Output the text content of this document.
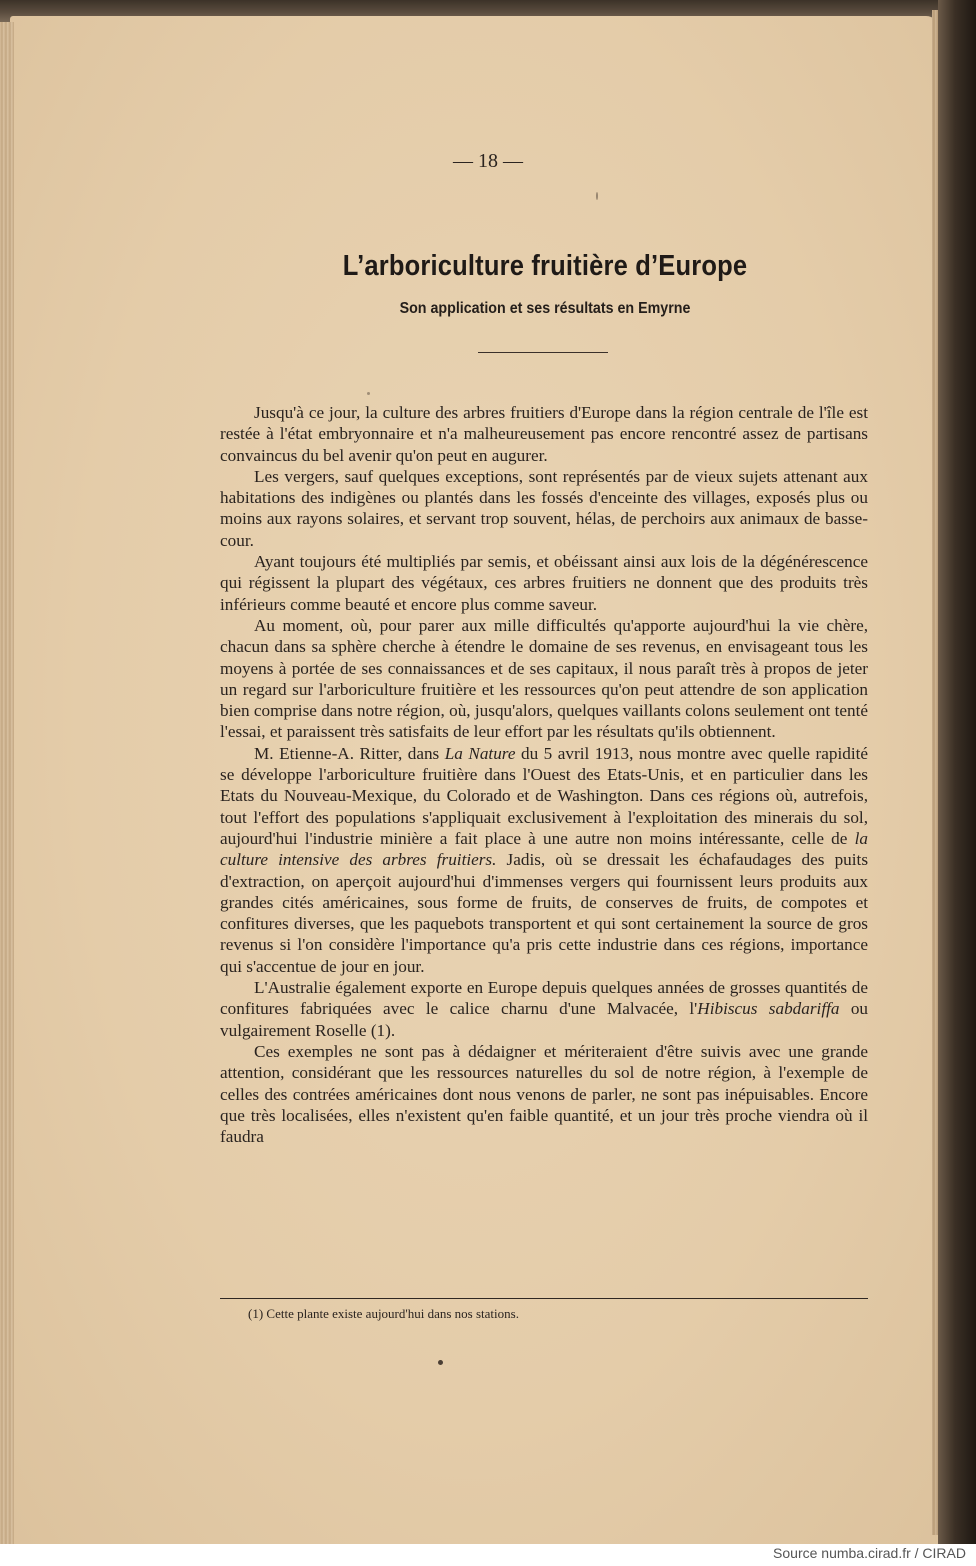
— 18 —
L’arboriculture fruitière d’Europe
Son application et ses résultats en Emyrne

Jusqu'à ce jour, la culture des arbres fruitiers d'Europe dans la région centrale de l'île est restée à l'état embryonnaire et n'a malheureusement pas encore rencontré assez de partisans convaincus du bel avenir qu'on peut en augurer.

Les vergers, sauf quelques exceptions, sont représentés par de vieux sujets attenant aux habitations des indigènes ou plantés dans les fossés d'enceinte des villages, exposés plus ou moins aux rayons solaires, et servant trop souvent, hélas, de perchoirs aux animaux de basse-cour.

Ayant toujours été multipliés par semis, et obéissant ainsi aux lois de la dégénérescence qui régissent la plupart des végétaux, ces arbres fruitiers ne donnent que des produits très inférieurs comme beauté et encore plus comme saveur.

Au moment, où, pour parer aux mille difficultés qu'apporte aujourd'hui la vie chère, chacun dans sa sphère cherche à étendre le domaine de ses revenus, en envisageant tous les moyens à portée de ses connaissances et de ses capitaux, il nous paraît très à propos de jeter un regard sur l'arboriculture fruitière et les ressources qu'on peut attendre de son application bien comprise dans notre région, où, jusqu'alors, quelques vaillants colons seulement ont tenté l'essai, et paraissent très satisfaits de leur effort par les résultats qu'ils obtiennent.

M. Etienne-A. Ritter, dans La Nature du 5 avril 1913, nous montre avec quelle rapidité se développe l'arboriculture fruitière dans l'Ouest des Etats-Unis, et en particulier dans les Etats du Nouveau-Mexique, du Colorado et de Washington. Dans ces régions où, autrefois, tout l'effort des populations s'appliquait exclusivement à l'exploitation des minerais du sol, aujourd'hui l'industrie minière a fait place à une autre non moins intéressante, celle de la culture intensive des arbres fruitiers. Jadis, où se dressait les échafaudages des puits d'extraction, on aperçoit aujourd'hui d'immenses vergers qui fournissent leurs produits aux grandes cités américaines, sous forme de fruits, de conserves de fruits, de compotes et confitures diverses, que les paquebots transportent et qui sont certainement la source de gros revenus si l'on considère l'importance qu'a pris cette industrie dans ces régions, importance qui s'accentue de jour en jour.

L'Australie également exporte en Europe depuis quelques années de grosses quantités de confitures fabriquées avec le calice charnu d'une Malvacée, l'Hibiscus sabdariffa ou vulgairement Roselle (1).

Ces exemples ne sont pas à dédaigner et mériteraient d'être suivis avec une grande attention, considérant que les ressources naturelles du sol de notre région, à l'exemple de celles des contrées américaines dont nous venons de parler, ne sont pas inépuisables. Encore que très localisées, elles n'existent qu'en faible quantité, et un jour très proche viendra où il faudra

(1) Cette plante existe aujourd'hui dans nos stations.
Source numba.cirad.fr / CIRAD
